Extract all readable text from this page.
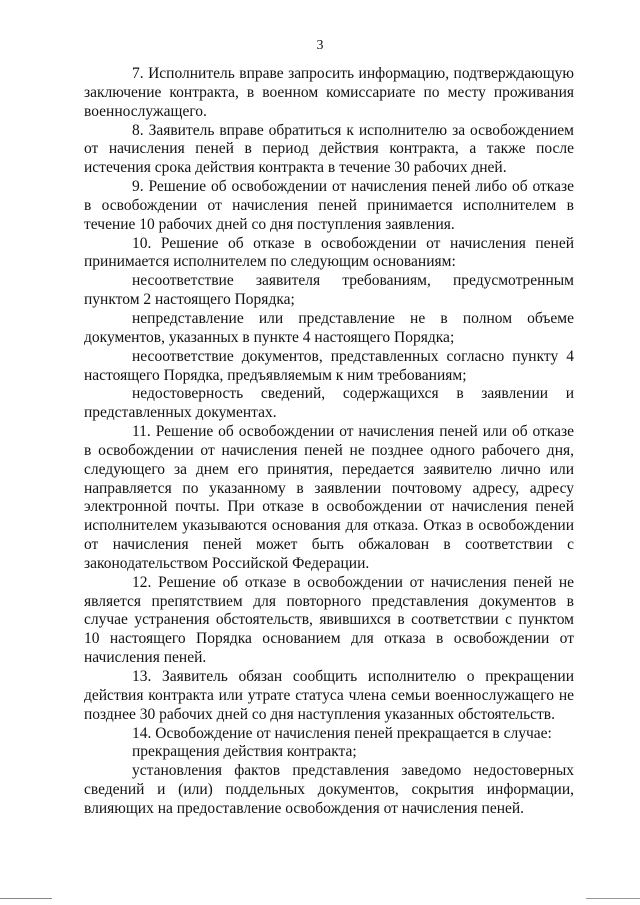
3

7. Исполнитель вправе запросить информацию, подтверждающую заключение контракта, в военном комиссариате по месту проживания военнослужащего.

8. Заявитель вправе обратиться к исполнителю за освобождением от начисления пеней в период действия контракта, а также после истечения срока действия контракта в течение 30 рабочих дней.

9. Решение об освобождении от начисления пеней либо об отказе в освобождении от начисления пеней принимается исполнителем в течение 10 рабочих дней со дня поступления заявления.

10. Решение об отказе в освобождении от начисления пеней принимается исполнителем по следующим основаниям:

несоответствие заявителя требованиям, предусмотренным пунктом 2 настоящего Порядка;

непредставление или представление не в полном объеме документов, указанных в пункте 4 настоящего Порядка;

несоответствие документов, представленных согласно пункту 4 настоящего Порядка, предъявляемым к ним требованиям;

недостоверность сведений, содержащихся в заявлении и представленных документах.

11. Решение об освобождении от начисления пеней или об отказе в освобождении от начисления пеней не позднее одного рабочего дня, следующего за днем его принятия, передается заявителю лично или направляется по указанному в заявлении почтовому адресу, адресу электронной почты. При отказе в освобождении от начисления пеней исполнителем указываются основания для отказа. Отказ в освобождении от начисления пеней может быть обжалован в соответствии с законодательством Российской Федерации.

12. Решение об отказе в освобождении от начисления пеней не является препятствием для повторного представления документов в случае устранения обстоятельств, явившихся в соответствии с пунктом 10 настоящего Порядка основанием для отказа в освобождении от начисления пеней.

13. Заявитель обязан сообщить исполнителю о прекращении действия контракта или утрате статуса члена семьи военнослужащего не позднее 30 рабочих дней со дня наступления указанных обстоятельств.

14. Освобождение от начисления пеней прекращается в случае:

прекращения действия контракта;

установления фактов представления заведомо недостоверных сведений и (или) поддельных документов, сокрытия информации, влияющих на предоставление освобождения от начисления пеней.
